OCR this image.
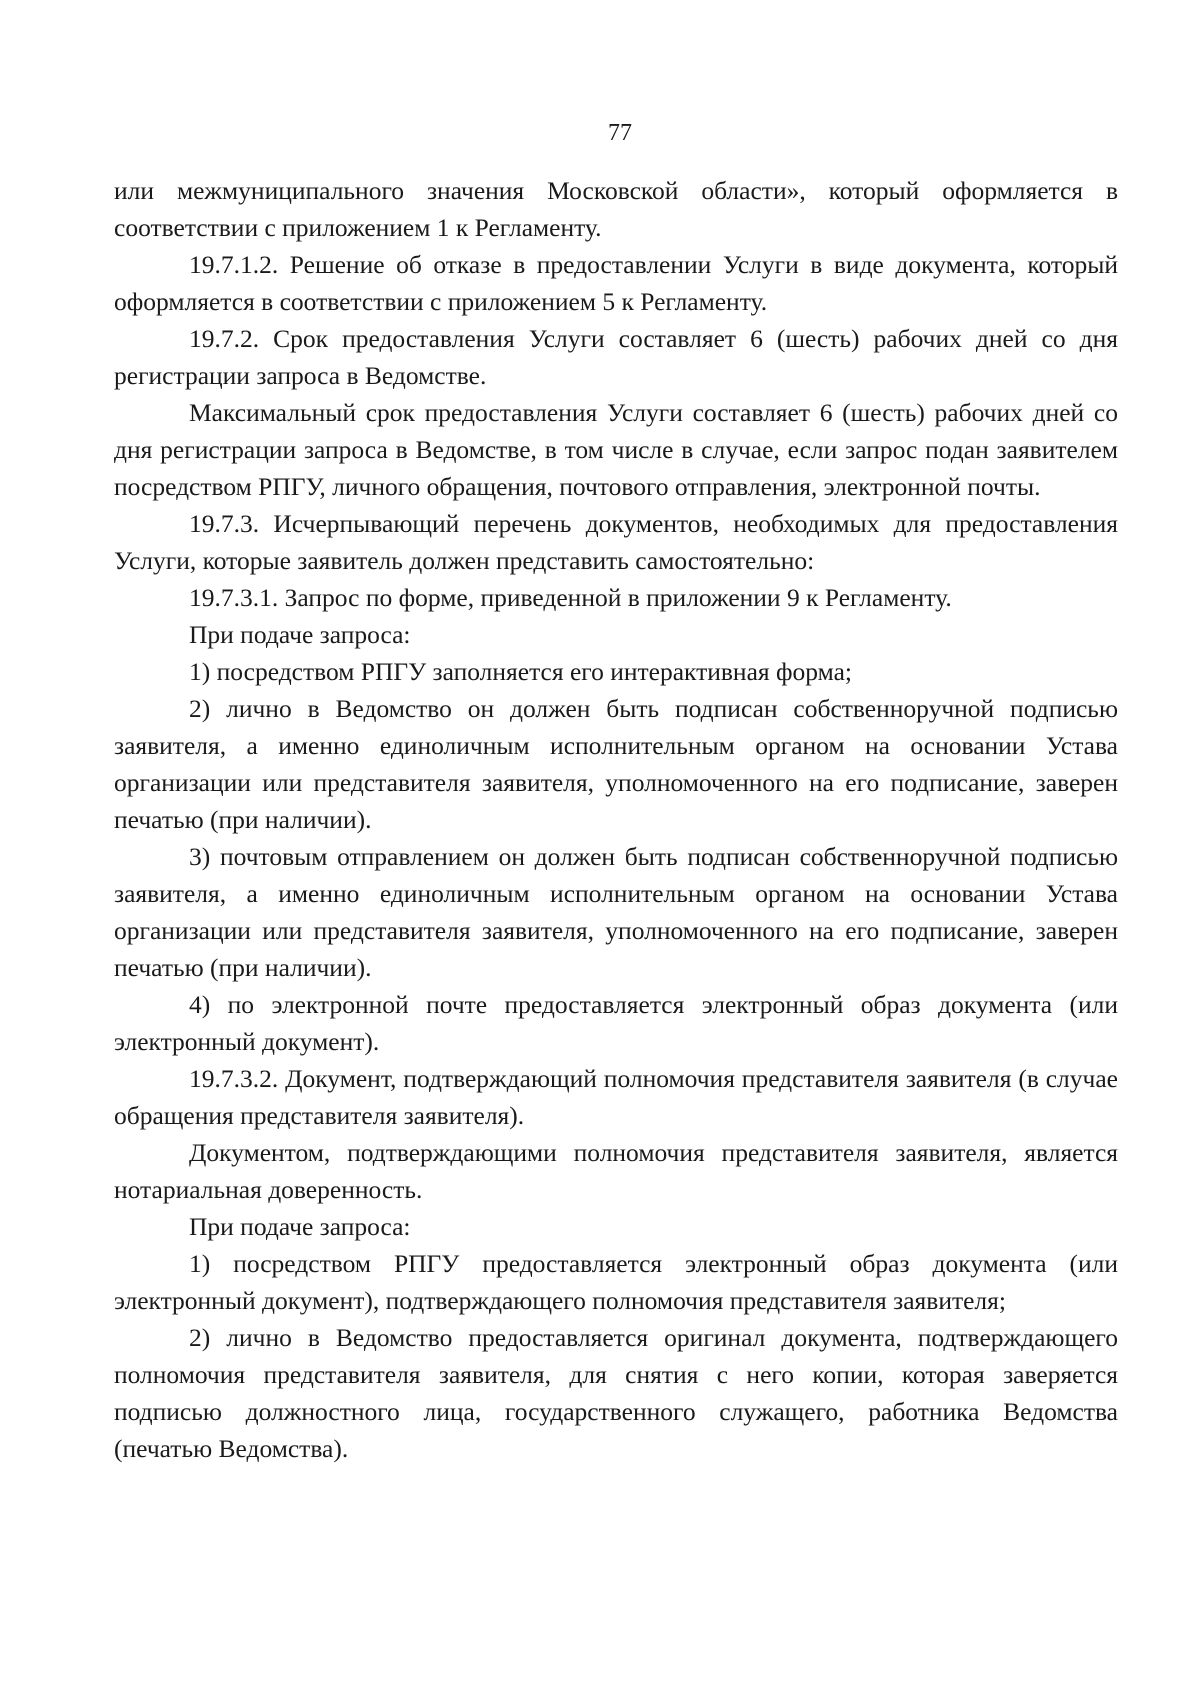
77

или межмуниципального значения Московской области», который оформляется в соответствии с приложением 1 к Регламенту.

19.7.1.2. Решение об отказе в предоставлении Услуги в виде документа, который оформляется в соответствии с приложением 5 к Регламенту.

19.7.2. Срок предоставления Услуги составляет 6 (шесть) рабочих дней со дня регистрации запроса в Ведомстве.

Максимальный срок предоставления Услуги составляет 6 (шесть) рабочих дней со дня регистрации запроса в Ведомстве, в том числе в случае, если запрос подан заявителем посредством РПГУ, личного обращения, почтового отправления, электронной почты.

19.7.3. Исчерпывающий перечень документов, необходимых для предоставления Услуги, которые заявитель должен представить самостоятельно:

19.7.3.1. Запрос по форме, приведенной в приложении 9 к Регламенту.

При подаче запроса:

1) посредством РПГУ заполняется его интерактивная форма;

2) лично в Ведомство он должен быть подписан собственноручной подписью заявителя, а именно единоличным исполнительным органом на основании Устава организации или представителя заявителя, уполномоченного на его подписание, заверен печатью (при наличии).

3) почтовым отправлением он должен быть подписан собственноручной подписью заявителя, а именно единоличным исполнительным органом на основании Устава организации или представителя заявителя, уполномоченного на его подписание, заверен печатью (при наличии).

4) по электронной почте предоставляется электронный образ документа (или электронный документ).

19.7.3.2. Документ, подтверждающий полномочия представителя заявителя (в случае обращения представителя заявителя).

Документом, подтверждающими полномочия представителя заявителя, является нотариальная доверенность.

При подаче запроса:

1) посредством РПГУ предоставляется электронный образ документа (или электронный документ), подтверждающего полномочия представителя заявителя;

2) лично в Ведомство предоставляется оригинал документа, подтверждающего полномочия представителя заявителя, для снятия с него копии, которая заверяется подписью должностного лица, государственного служащего, работника Ведомства (печатью Ведомства).
